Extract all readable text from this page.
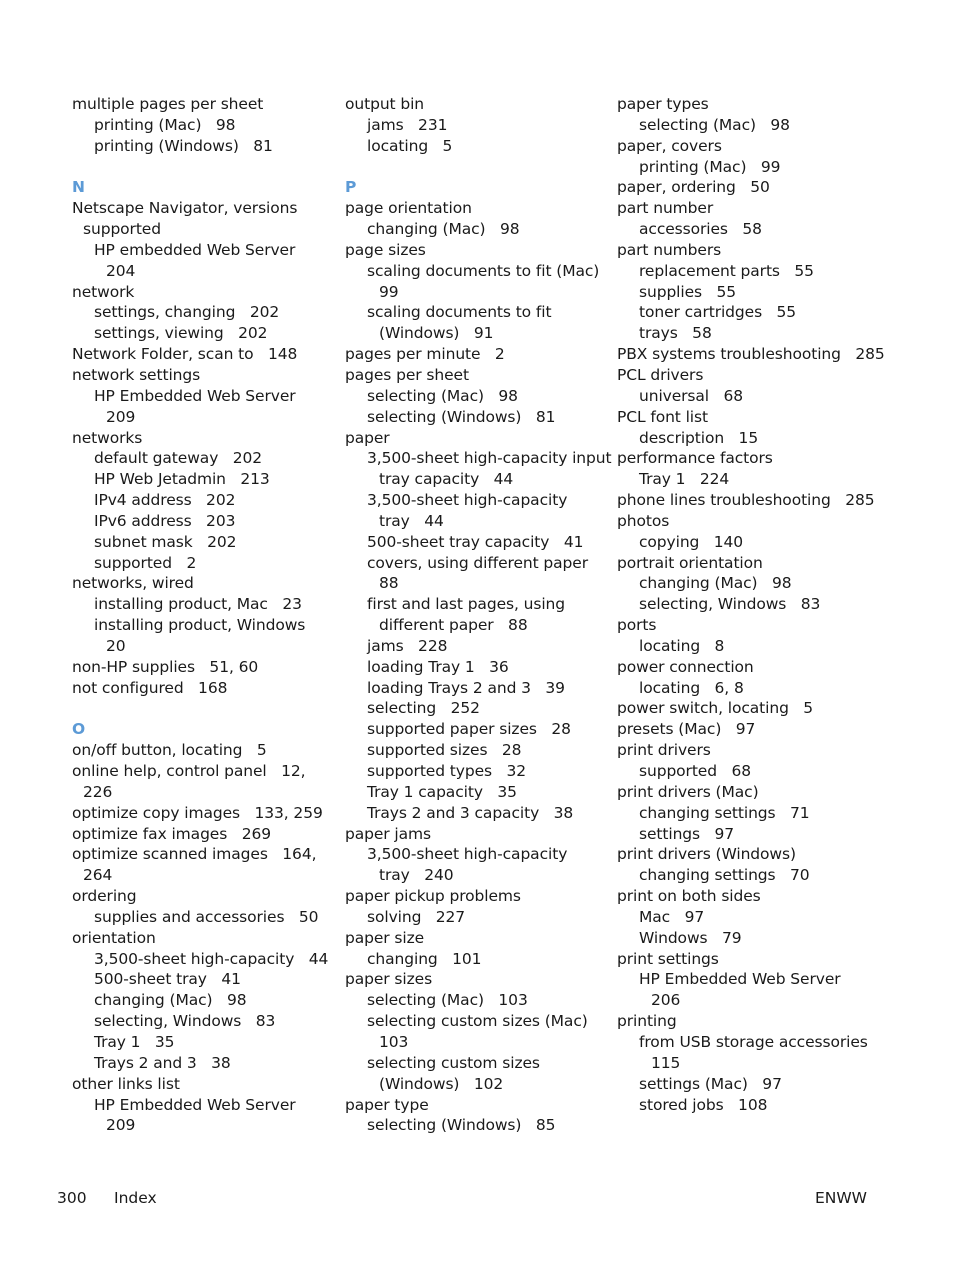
multiple pages per sheet
printing (Mac)   98
printing (Windows)   81
N
Netscape Navigator, versions
supported
HP embedded Web Server
204
network
settings, changing   202
settings, viewing   202
Network Folder, scan to   148
network settings
HP Embedded Web Server
209
networks
default gateway   202
HP Web Jetadmin   213
IPv4 address   202
IPv6 address   203
subnet mask   202
supported   2
networks, wired
installing product, Mac   23
installing product, Windows
20
non-HP supplies   51, 60
not configured   168
O
on/off button, locating   5
online help, control panel   12,
226
optimize copy images   133, 259
optimize fax images   269
optimize scanned images   164,
264
ordering
supplies and accessories   50
orientation
3,500-sheet high-capacity   44
500-sheet tray   41
changing (Mac)   98
selecting, Windows   83
Tray 1   35
Trays 2 and 3   38
other links list
HP Embedded Web Server
209
output bin
jams   231
locating   5
P
page orientation
changing (Mac)   98
page sizes
scaling documents to fit (Mac)
99
scaling documents to fit
(Windows)   91
pages per minute   2
pages per sheet
selecting (Mac)   98
selecting (Windows)   81
paper
3,500-sheet high-capacity input
tray capacity   44
3,500-sheet high-capacity
tray   44
500-sheet tray capacity   41
covers, using different paper
88
first and last pages, using
different paper   88
jams   228
loading Tray 1   36
loading Trays 2 and 3   39
selecting   252
supported paper sizes   28
supported sizes   28
supported types   32
Tray 1 capacity   35
Trays 2 and 3 capacity   38
paper jams
3,500-sheet high-capacity
tray   240
paper pickup problems
solving   227
paper size
changing   101
paper sizes
selecting (Mac)   103
selecting custom sizes (Mac)
103
selecting custom sizes
(Windows)   102
paper type
selecting (Windows)   85
paper types
selecting (Mac)   98
paper, covers
printing (Mac)   99
paper, ordering   50
part number
accessories   58
part numbers
replacement parts   55
supplies   55
toner cartridges   55
trays   58
PBX systems troubleshooting   285
PCL drivers
universal   68
PCL font list
description   15
performance factors
Tray 1   224
phone lines troubleshooting   285
photos
copying   140
portrait orientation
changing (Mac)   98
selecting, Windows   83
ports
locating   8
power connection
locating   6, 8
power switch, locating   5
presets (Mac)   97
print drivers
supported   68
print drivers (Mac)
changing settings   71
settings   97
print drivers (Windows)
changing settings   70
print on both sides
Mac   97
Windows   79
print settings
HP Embedded Web Server
206
printing
from USB storage accessories
115
settings (Mac)   97
stored jobs   108
300 Index	ENWW
